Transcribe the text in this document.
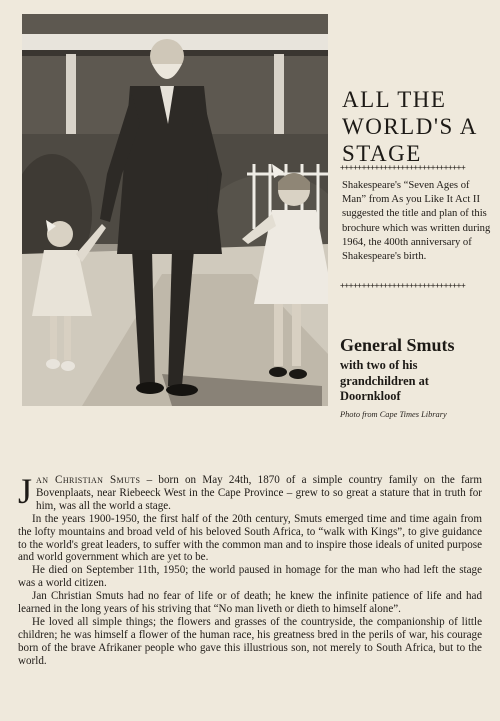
ALL THE
WORLD'S A
STAGE
+++++++++++++++++++++++++++++
Shakespeare's “Seven Ages of Man” from As you Like It Act II suggested the title and plan of this brochure which was written during 1964, the 400th anniversary of Shakespeare's birth.
+++++++++++++++++++++++++++++
General Smuts
with two of his grandchildren at Doornkloof
Photo from Cape Times Library

Jan Christian Smuts – born on May 24th, 1870 of a simple country family on the farm Bovenplaats, near Riebeeck West in the Cape Province – grew to so great a stature that in truth for him, was all the world a stage.

In the years 1900-1950, the first half of the 20th century, Smuts emerged time and time again from the lofty mountains and broad veld of his beloved South Africa, to “walk with Kings”, to give guidance to the world's great leaders, to suffer with the common man and to inspire those ideals of united purpose and world government which are yet to be.

He died on September 11th, 1950; the world paused in homage for the man who had left the stage was a world citizen.

Jan Christian Smuts had no fear of life or of death; he knew the infinite patience of life and had learned in the long years of his striving that “No man liveth or dieth to himself alone”.

He loved all simple things; the flowers and grasses of the countryside, the companionship of little children; he was himself a flower of the human race, his greatness bred in the perils of war, his courage born of the brave Afrikaner people who gave this illustrious son, not merely to South Africa, but to the world.
